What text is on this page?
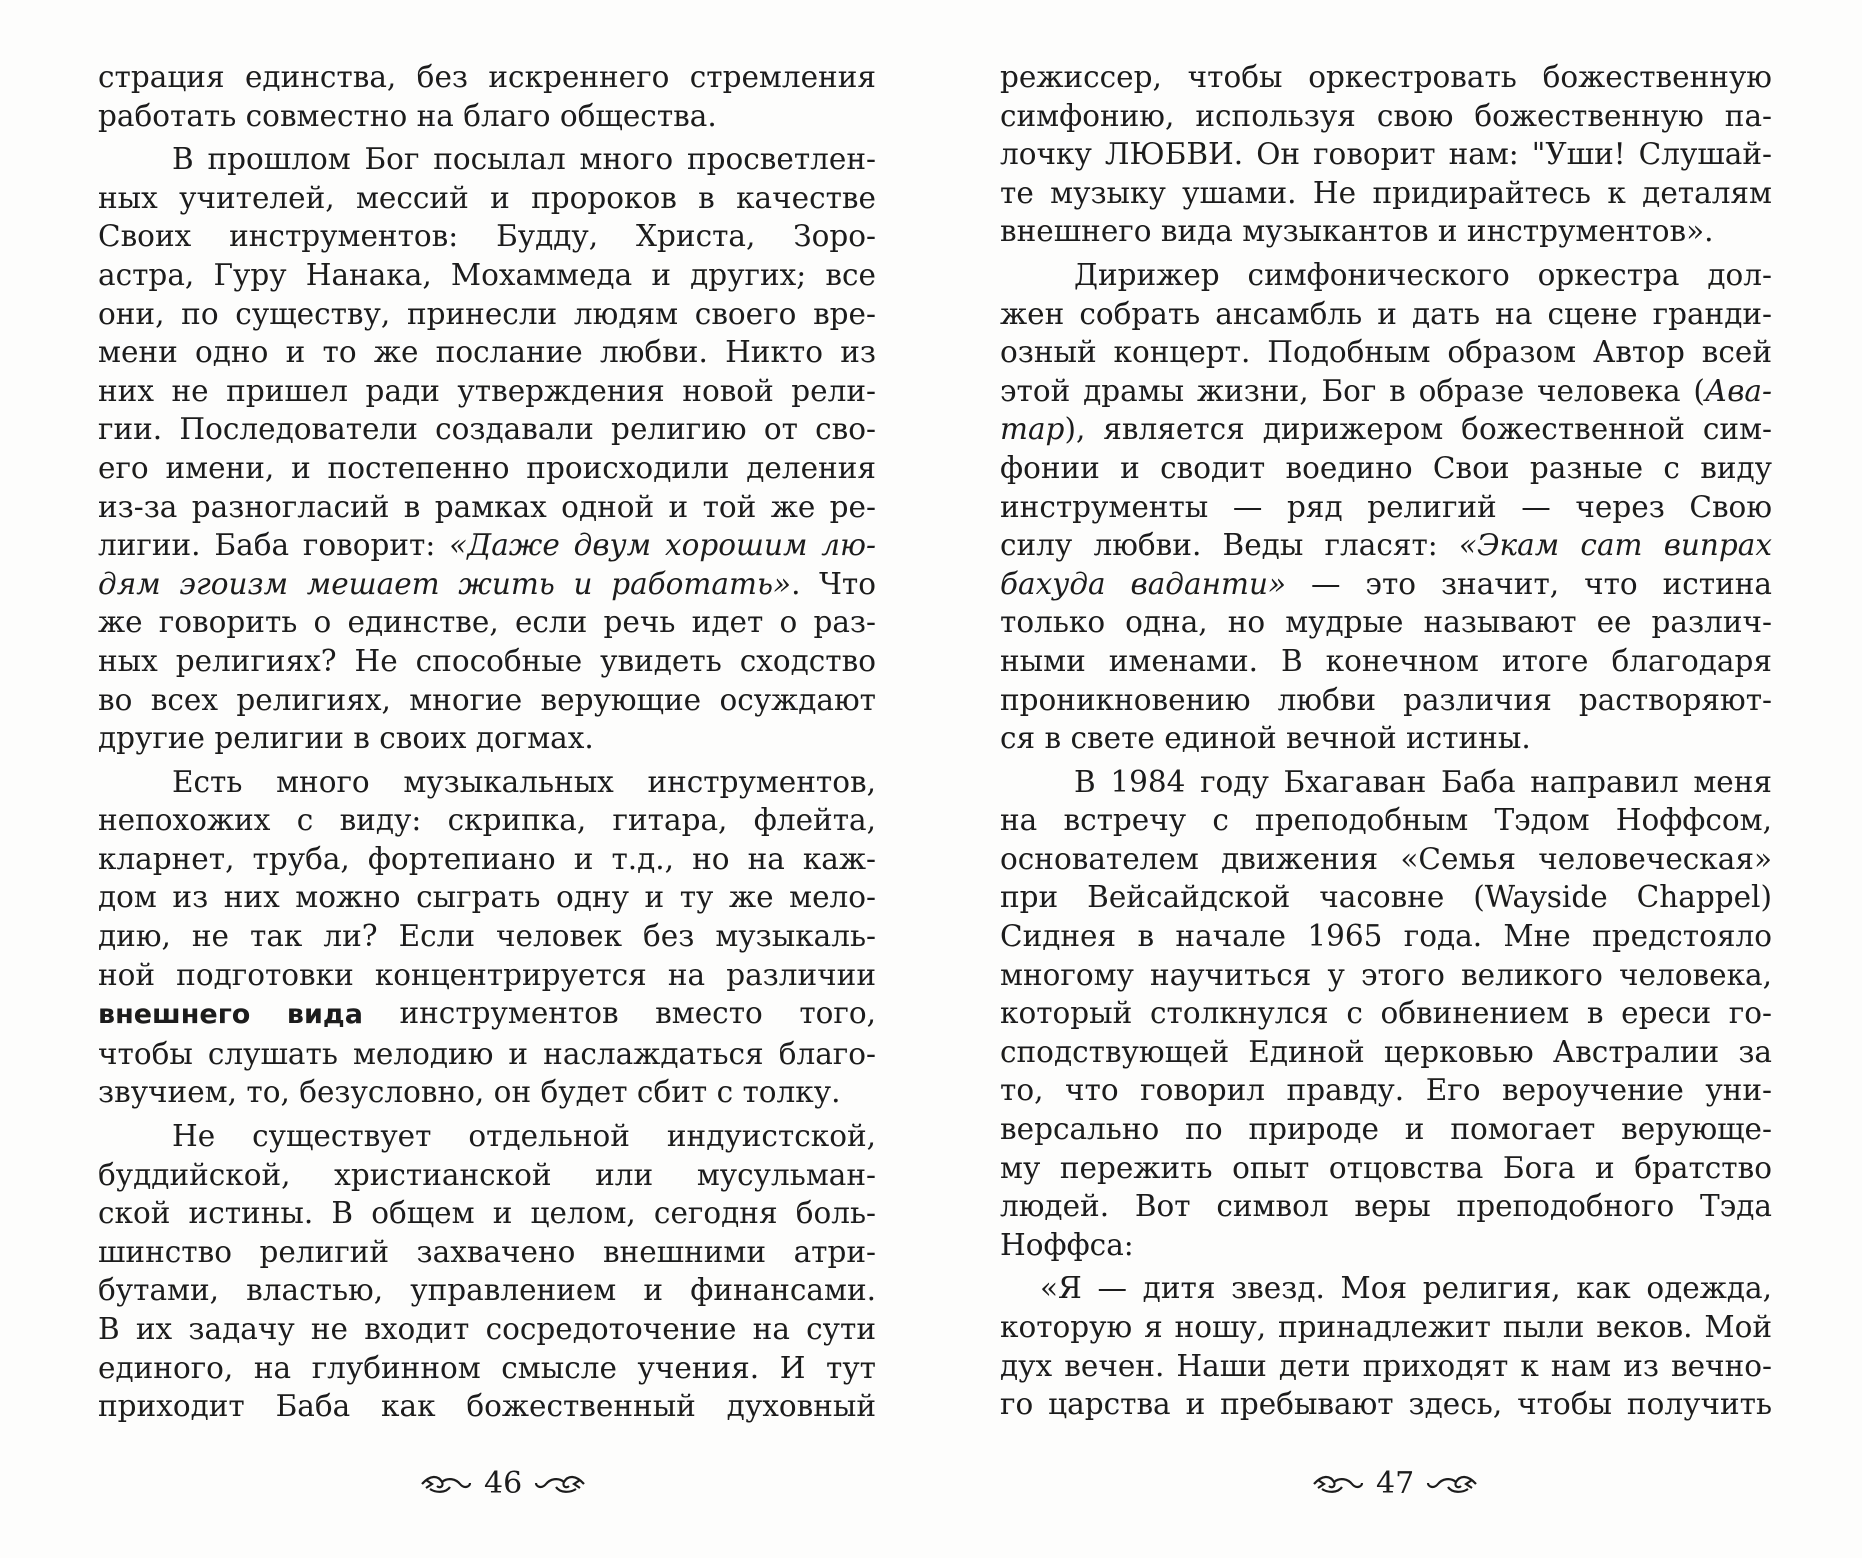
страция единства, без искреннего стремления
работать совместно на благо общества.
В прошлом Бог посылал много просветлен-
ных учителей, мессий и пророков в качестве
Своих инструментов: Будду, Христа, Зоро-
астра, Гуру Нанака, Мохаммеда и других; все
они, по существу, принесли людям своего вре-
мени одно и то же послание любви. Никто из
них не пришел ради утверждения новой рели-
гии. Последователи создавали религию от сво-
его имени, и постепенно происходили деления
из-за разногласий в рамках одной и той же ре-
лигии. Баба говорит: «Даже двум хорошим лю-
дям эгоизм мешает жить и работать». Что
же говорить о единстве, если речь идет о раз-
ных религиях? Не способные увидеть сходство
во всех религиях, многие верующие осуждают
другие религии в своих догмах.
Есть много музыкальных инструментов,
непохожих с виду: скрипка, гитара, флейта,
кларнет, труба, фортепиано и т.д., но на каж-
дом из них можно сыграть одну и ту же мело-
дию, не так ли? Если человек без музыкаль-
ной подготовки концентрируется на различии
внешнего вида инструментов вместо того,
чтобы слушать мелодию и наслаждаться благо-
звучием, то, безусловно, он будет сбит с толку.
Не существует отдельной индуистской,
буддийской, христианской или мусульман-
ской истины. В общем и целом, сегодня боль-
шинство религий захвачено внешними атри-
бутами, властью, управлением и финансами.
В их задачу не входит сосредоточение на сути
единого, на глубинном смысле учения. И тут
приходит Баба как божественный духовный
режиссер, чтобы оркестровать божественную
симфонию, используя свою божественную па-
лочку ЛЮБВИ. Он говорит нам: "Уши! Слушай-
те музыку ушами. Не придирайтесь к деталям
внешнего вида музыкантов и инструментов».
Дирижер симфонического оркестра дол-
жен собрать ансамбль и дать на сцене гранди-
озный концерт. Подобным образом Автор всей
этой драмы жизни, Бог в образе человека (Ава-
тар), является дирижером божественной сим-
фонии и сводит воедино Свои разные с виду
инструменты — ряд религий — через Свою
силу любви. Веды гласят: «Экам сат випрах
бахуда ваданти» — это значит, что истина
только одна, но мудрые называют ее различ-
ными именами. В конечном итоге благодаря
проникновению любви различия растворяют-
ся в свете единой вечной истины.
В 1984 году Бхагаван Баба направил меня
на встречу с преподобным Тэдом Ноффсом,
основателем движения «Семья человеческая»
при Вейсайдской часовне (Wayside Chappel)
Сиднея в начале 1965 года. Мне предстояло
многому научиться у этого великого человека,
который столкнулся с обвинением в ереси го-
сподствующей Единой церковью Австралии за
то, что говорил правду. Его вероучение уни-
версально по природе и помогает верующе-
му пережить опыт отцовства Бога и братство
людей. Вот символ веры преподобного Тэда
Ноффса:
«Я — дитя звезд. Моя религия, как одежда,
которую я ношу, принадлежит пыли веков. Мой
дух вечен. Наши дети приходят к нам из вечно-
го царства и пребывают здесь, чтобы получить
46	47
